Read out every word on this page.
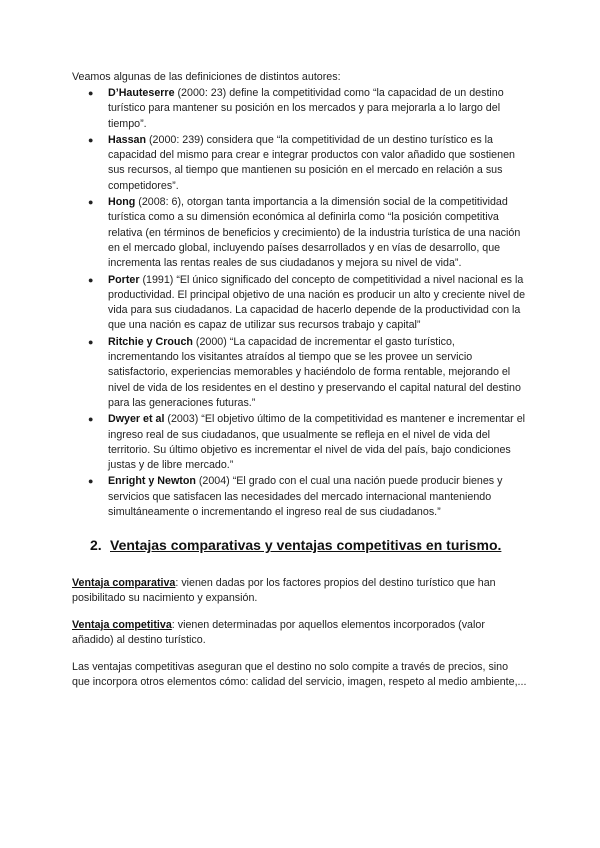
Veamos algunas de las definiciones de distintos autores:

● D’Hauteserre (2000: 23) define la competitividad como “la capacidad de un destino turístico para mantener su posición en los mercados y para mejorarla a lo largo del tiempo”.
● Hassan (2000: 239) considera que “la competitividad de un destino turístico es la capacidad del mismo para crear e integrar productos con valor añadido que sostienen sus recursos, al tiempo que mantienen su posición en el mercado en relación a sus competidores”.
● Hong (2008: 6), otorgan tanta importancia a la dimensión social de la competitividad turística como a su dimensión económica al definirla como “la posición competitiva relativa (en términos de beneficios y crecimiento) de la industria turística de una nación en el mercado global, incluyendo países desarrollados y en vías de desarrollo, que incrementa las rentas reales de sus ciudadanos y mejora su nivel de vida”.
● Porter (1991) “El único significado del concepto de competitividad a nivel nacional es la productividad. El principal objetivo de una nación es producir un alto y creciente nivel de vida para sus ciudadanos. La capacidad de hacerlo depende de la productividad con la que una nación es capaz de utilizar sus recursos trabajo y capital”
● Ritchie y Crouch (2000) “La capacidad de incrementar el gasto turístico, incrementando los visitantes atraídos al tiempo que se les provee un servicio satisfactorio, experiencias memorables y haciéndolo de forma rentable, mejorando el nivel de vida de los residentes en el destino y preservando el capital natural del destino para las generaciones futuras.”
● Dwyer et al (2003) “El objetivo último de la competitividad es mantener e incrementar el ingreso real de sus ciudadanos, que usualmente se refleja en el nivel de vida del territorio. Su último objetivo es incrementar el nivel de vida del país, bajo condiciones justas y de libre mercado.”
● Enright y Newton (2004) “El grado con el cual una nación puede producir bienes y servicios que satisfacen las necesidades del mercado internacional manteniendo simultáneamente o incrementando el ingreso real de sus ciudadanos.”
2. Ventajas comparativas y ventajas competitivas en turismo.

Ventaja comparativa: vienen dadas por los factores propios del destino turístico que han posibilitado su nacimiento y expansión.

Ventaja competitiva: vienen determinadas por aquellos elementos incorporados (valor añadido) al destino turístico.

Las ventajas competitivas aseguran que el destino no solo compite a través de precios, sino que incorpora otros elementos cómo: calidad del servicio, imagen, respeto al medio ambiente,...
